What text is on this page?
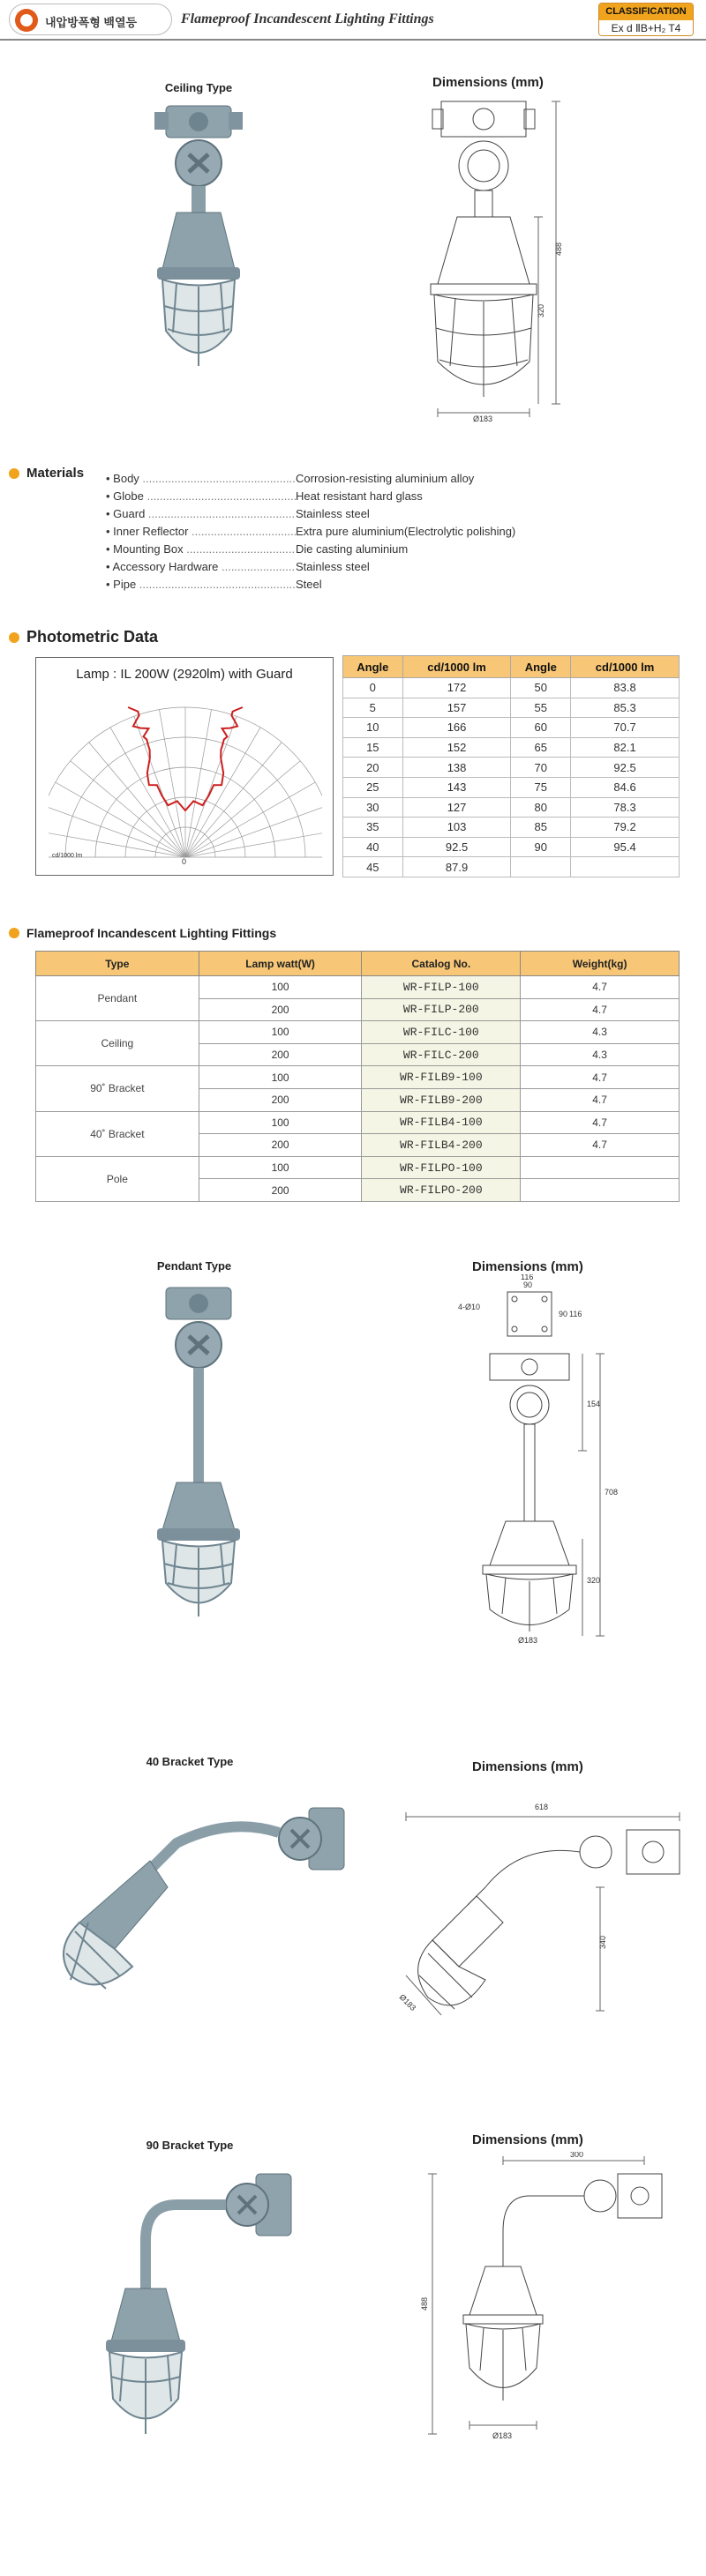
내압방폭형 백열등	Flameproof Incandescent Lighting Fittings	CLASSIFICATION
Ex d ⅡB+H₂ T4
Ceiling Type	Dimensions (mm)
488
320
Ø183
Materials • Body .....	Corrosion-resisting aluminium alloy
• Globe .....	Heat resistant hard glass
• Guard .....	Stainless steel
• Inner Reflector .....	Extra pure aluminium(Electrolytic polishing)
• Mounting Box .....	Die casting aluminium
• Accessory Hardware .....	Stainless steel
• Pipe .....	Steel
Photometric Data
Lamp : IL 200W (2920lm) with Guard
0
cd/1000 lm
Angle	cd/1000 lm	Angle	cd/1000 lm
0	172	50	83.8
5	157	55	85.3
10	166	60	70.7
15	152	65	82.1
20	138	70	92.5
25	143	75	84.6
30	127	80	78.3
35	103	85	79.2
40	92.5	90	95.4
45	87.9		
Flameproof Incandescent Lighting Fittings
Type	Lamp watt(W)	Catalog No.	Weight(kg)
Pendant	100	WR-FILP-100	4.7
	200	WR-FILP-200	4.7
Ceiling	100	WR-FILC-100	4.3
	200	WR-FILC-200	4.3
90˚ Bracket	100	WR-FILB9-100	4.7
	200	WR-FILB9-200	4.7
40˚ Bracket	100	WR-FILB4-100	4.7
	200	WR-FILB4-200	4.7
Pole	100	WR-FILPO-100	
	200	WR-FILPO-200	
Pendant Type	Dimensions (mm)
4-Ø10
116
90
90 116
154
708
320
Ø183
40 Bracket Type	Dimensions (mm)
618
340
Ø183
90 Bracket Type	Dimensions (mm)
300
488
Ø183
